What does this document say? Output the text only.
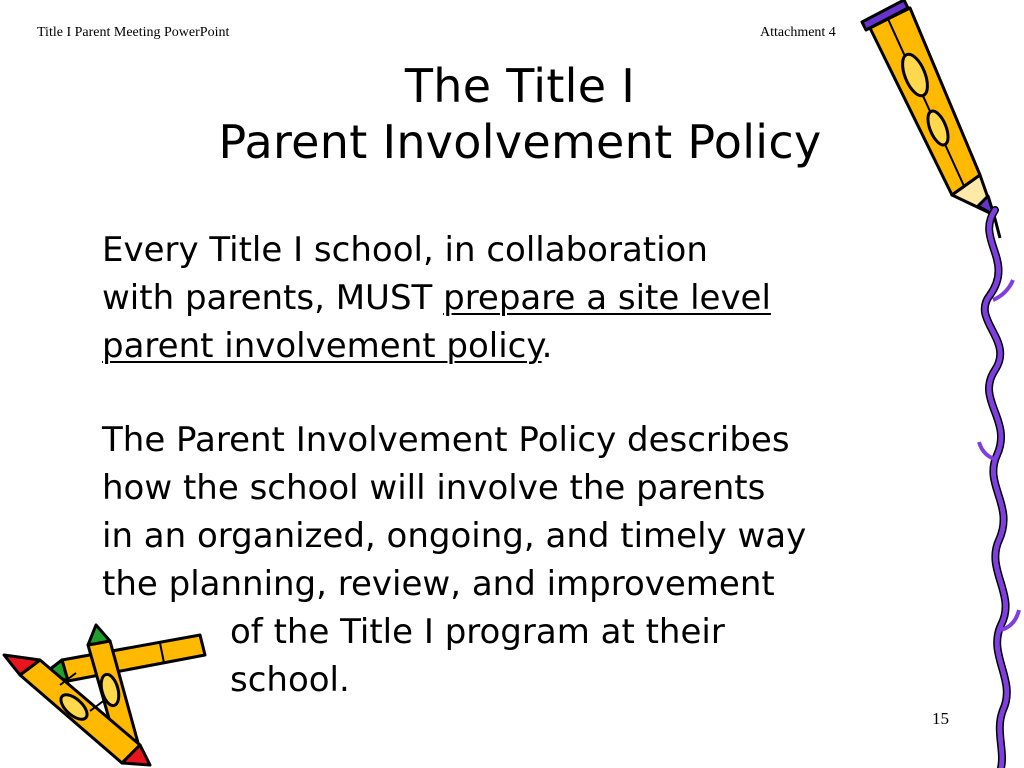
Title I Parent Meeting PowerPoint	Attachment 4
The Title I
Parent Involvement Policy
Every Title I school, in collaboration
with parents, MUST prepare a site level
parent involvement policy.
The Parent Involvement Policy describes
how the school will involve the parents
in an organized, ongoing, and timely way
the planning, review, and improvement
of the Title I program at their
school.
15
